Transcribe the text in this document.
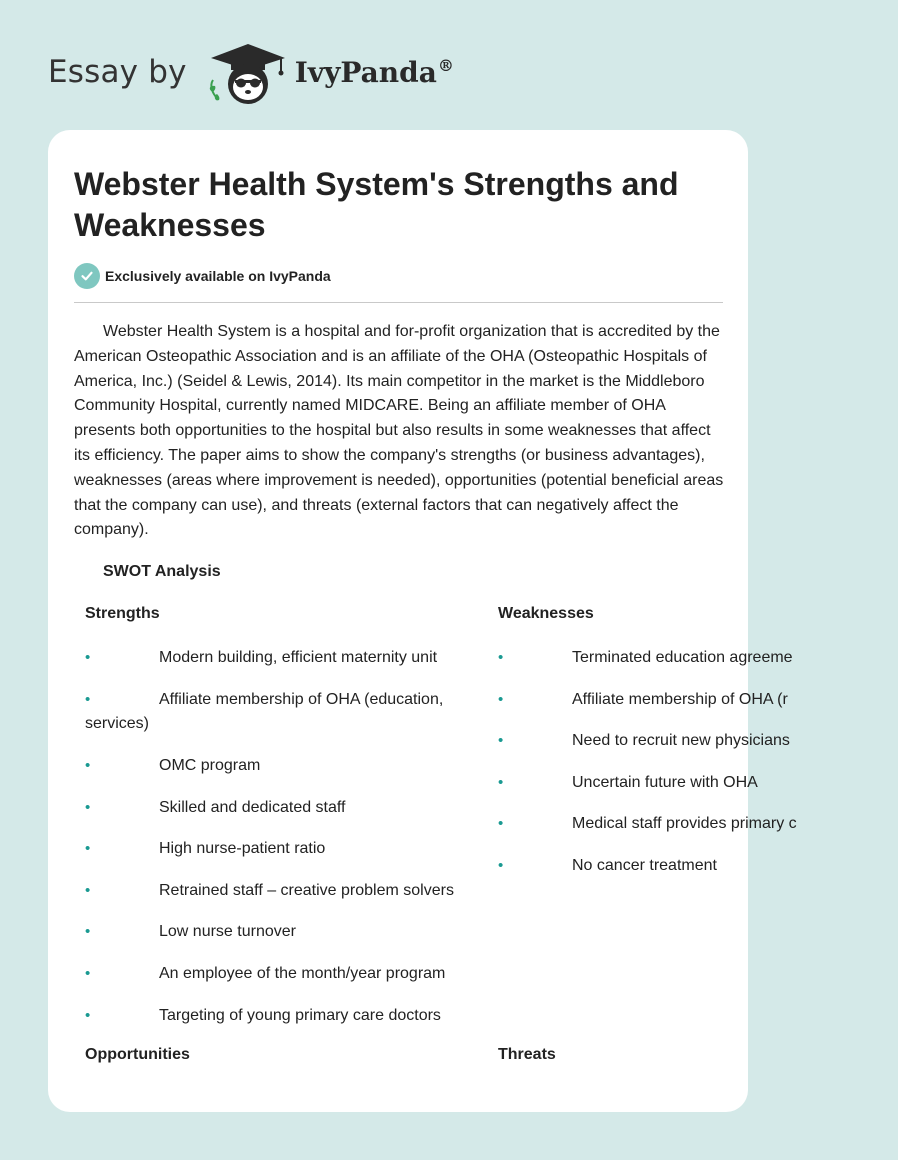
Essay by	IvyPanda®
Webster Health System's Strengths and Weaknesses
Exclusively available on IvyPanda

Webster Health System is a hospital and for-profit organization that is accredited by the American Osteopathic Association and is an affiliate of the OHA (Osteopathic Hospitals of America, Inc.) (Seidel & Lewis, 2014). Its main competitor in the market is the Middleboro Community Hospital, currently named MIDCARE. Being an affiliate member of OHA presents both opportunities to the hospital but also results in some weaknesses that affect its efficiency. The paper aims to show the company's strengths (or business advantages), weaknesses (areas where improvement is needed), opportunities (potential beneficial areas that the company can use), and threats (external factors that can negatively affect the company).

SWOT Analysis
Strengths
•	Modern building, efficient maternity unit
•	Affiliate membership of OHA (education, services)
•	OMC program
•	Skilled and dedicated staff
•	High nurse-patient ratio
•	Retrained staff – creative problem solvers
•	Low nurse turnover
•	An employee of the month/year program
•	Targeting of young primary care doctors
Weaknesses
•	Terminated education agreeme
•	Affiliate membership of OHA (r
•	Need to recruit new physicians
•	Uncertain future with OHA
•	Medical staff provides primary c
•	No cancer treatment
Opportunities	Threats
